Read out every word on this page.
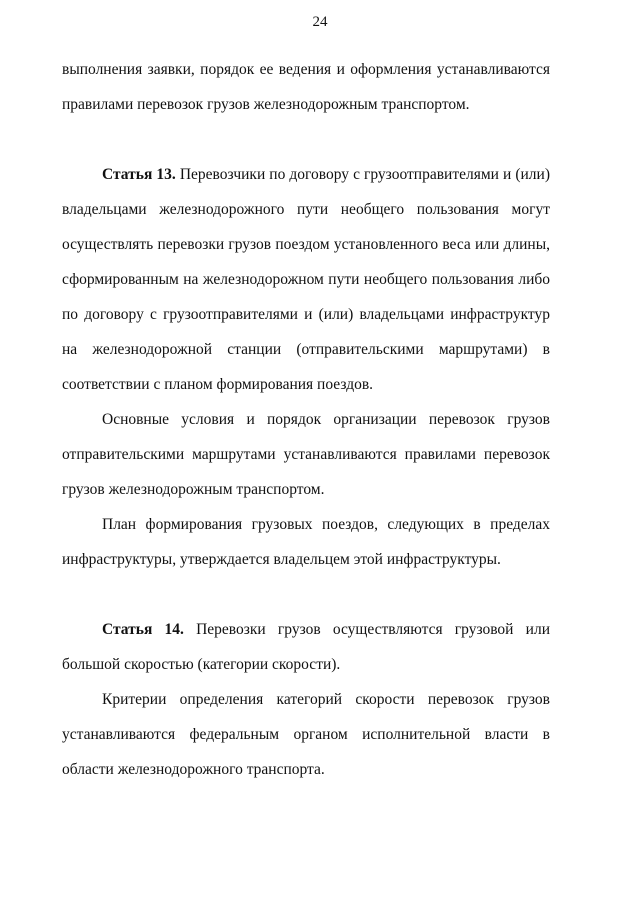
24

выполнения заявки, порядок ее ведения и оформления устанавливаются правилами перевозок грузов железнодорожным транспортом.

Статья 13. Перевозчики по договору с грузоотправителями и (или) владельцами железнодорожного пути необщего пользования могут осуществлять перевозки грузов поездом установленного веса или длины, сформированным на железнодорожном пути необщего пользования либо по договору с грузоотправителями и (или) владельцами инфраструктур на железнодорожной станции (отправительскими маршрутами) в соответствии с планом формирования поездов.

Основные условия и порядок организации перевозок грузов отправительскими маршрутами устанавливаются правилами перевозок грузов железнодорожным транспортом.

План формирования грузовых поездов, следующих в пределах инфраструктуры, утверждается владельцем этой инфраструктуры.

Статья 14. Перевозки грузов осуществляются грузовой или большой скоростью (категории скорости).

Критерии определения категорий скорости перевозок грузов устанавливаются федеральным органом исполнительной власти в области железнодорожного транспорта.
